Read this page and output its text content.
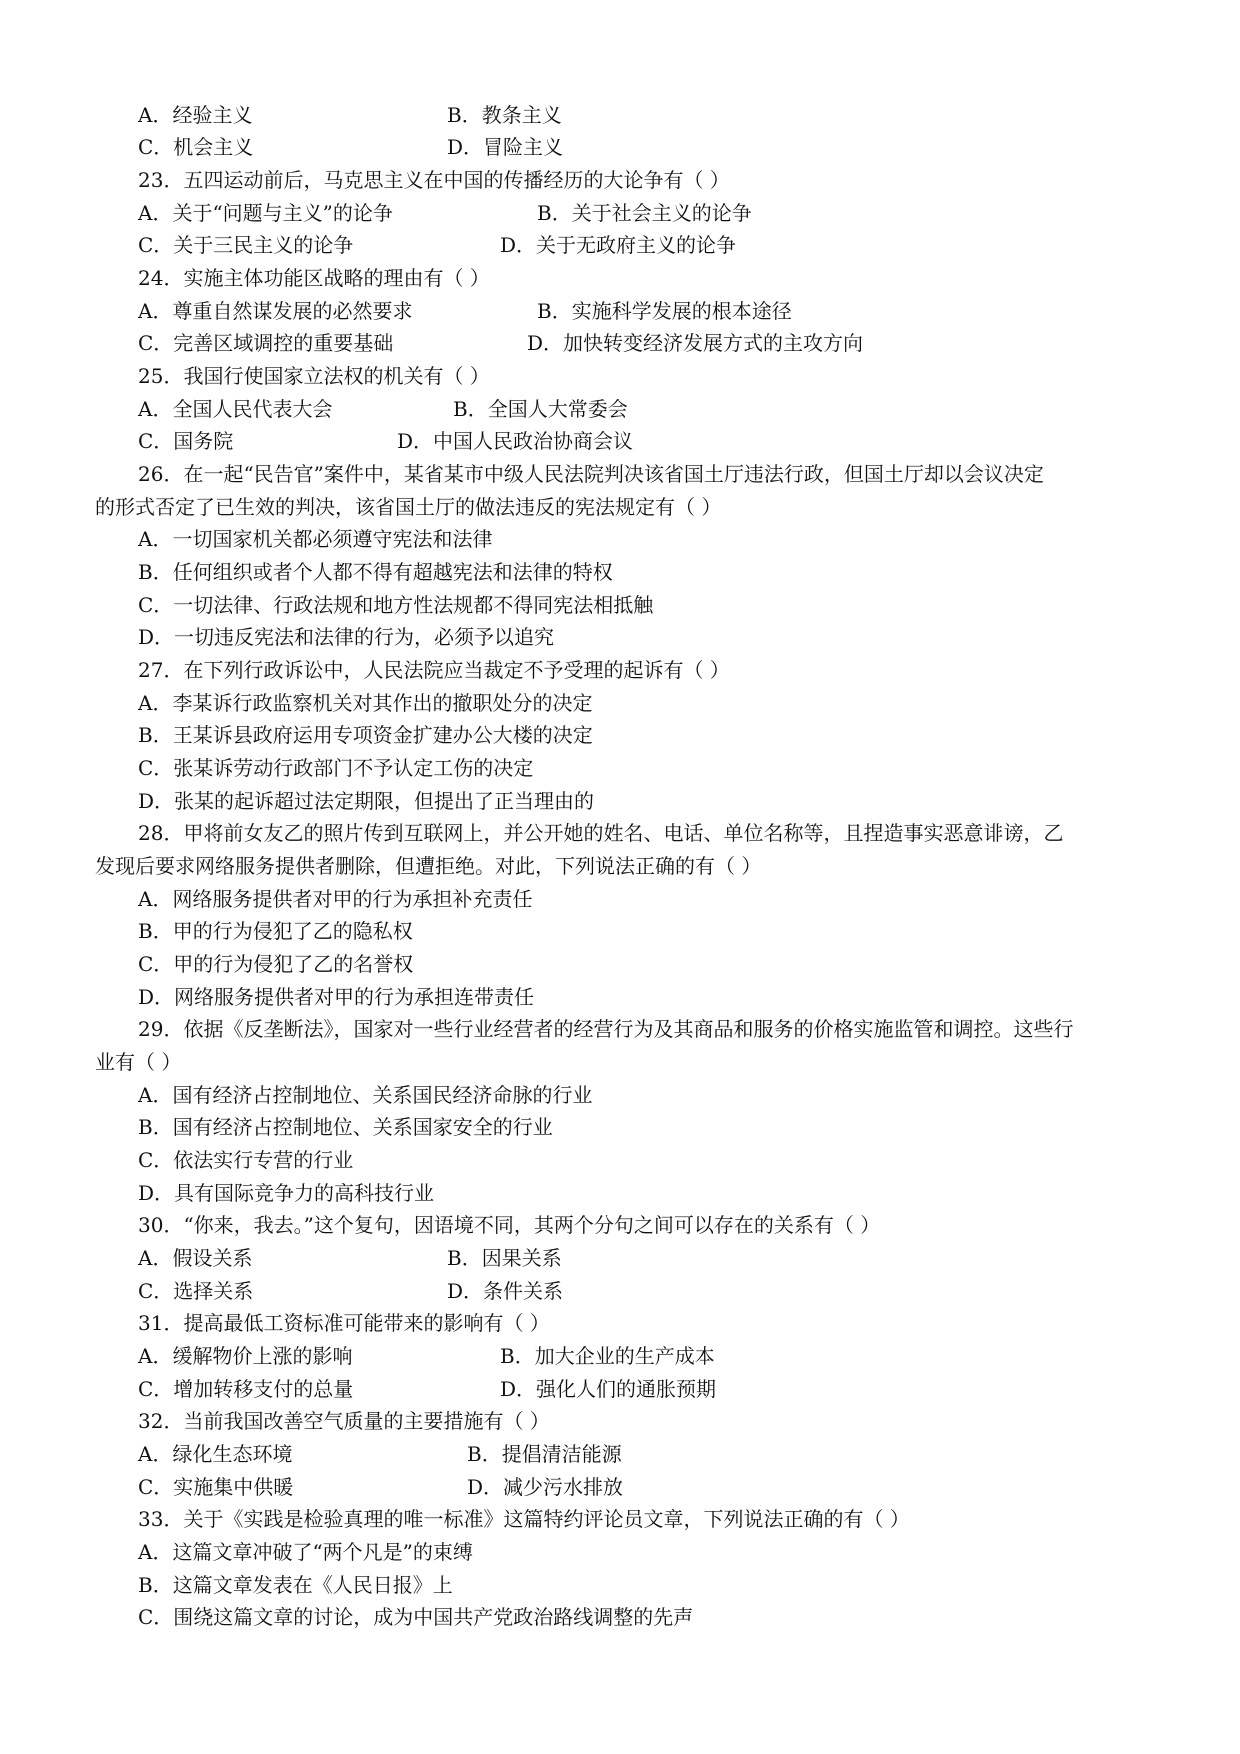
A．经验主义	B．教条主义
C．机会主义	D．冒险主义
23．五四运动前后，马克思主义在中国的传播经历的大论争有（ ）
A．关于“问题与主义”的论争	B．关于社会主义的论争
C．关于三民主义的论争	D．关于无政府主义的论争
24．实施主体功能区战略的理由有（ ）
A．尊重自然谋发展的必然要求	B．实施科学发展的根本途径
C．完善区域调控的重要基础	D．加快转变经济发展方式的主攻方向
25．我国行使国家立法权的机关有（ ）
A．全国人民代表大会	B．全国人大常委会
C．国务院	D．中国人民政治协商会议
26．在一起“民告官”案件中，某省某市中级人民法院判决该省国土厅违法行政，但国土厅却以会议决定
的形式否定了已生效的判决，该省国土厅的做法违反的宪法规定有（ ）
A．一切国家机关都必须遵守宪法和法律
B．任何组织或者个人都不得有超越宪法和法律的特权
C．一切法律、行政法规和地方性法规都不得同宪法相抵触
D．一切违反宪法和法律的行为，必须予以追究
27．在下列行政诉讼中，人民法院应当裁定不予受理的起诉有（ ）
A．李某诉行政监察机关对其作出的撤职处分的决定
B．王某诉县政府运用专项资金扩建办公大楼的决定
C．张某诉劳动行政部门不予认定工伤的决定
D．张某的起诉超过法定期限，但提出了正当理由的
28．甲将前女友乙的照片传到互联网上，并公开她的姓名、电话、单位名称等，且捏造事实恶意诽谤，乙
发现后要求网络服务提供者删除，但遭拒绝。对此，下列说法正确的有（ ）
A．网络服务提供者对甲的行为承担补充责任
B．甲的行为侵犯了乙的隐私权
C．甲的行为侵犯了乙的名誉权
D．网络服务提供者对甲的行为承担连带责任
29．依据《反垄断法》，国家对一些行业经营者的经营行为及其商品和服务的价格实施监管和调控。这些行
业有（ ）
A．国有经济占控制地位、关系国民经济命脉的行业
B．国有经济占控制地位、关系国家安全的行业
C．依法实行专营的行业
D．具有国际竞争力的高科技行业
30．“你来，我去。”这个复句，因语境不同，其两个分句之间可以存在的关系有（ ）
A．假设关系	B．因果关系
C．选择关系	D．条件关系
31．提高最低工资标准可能带来的影响有（ ）
A．缓解物价上涨的影响	B．加大企业的生产成本
C．增加转移支付的总量	D．强化人们的通胀预期
32．当前我国改善空气质量的主要措施有（ ）
A．绿化生态环境	B．提倡清洁能源
C．实施集中供暖	D．减少污水排放
33．关于《实践是检验真理的唯一标准》这篇特约评论员文章，下列说法正确的有（ ）
A．这篇文章冲破了“两个凡是”的束缚
B．这篇文章发表在《人民日报》上
C．围绕这篇文章的讨论，成为中国共产党政治路线调整的先声
